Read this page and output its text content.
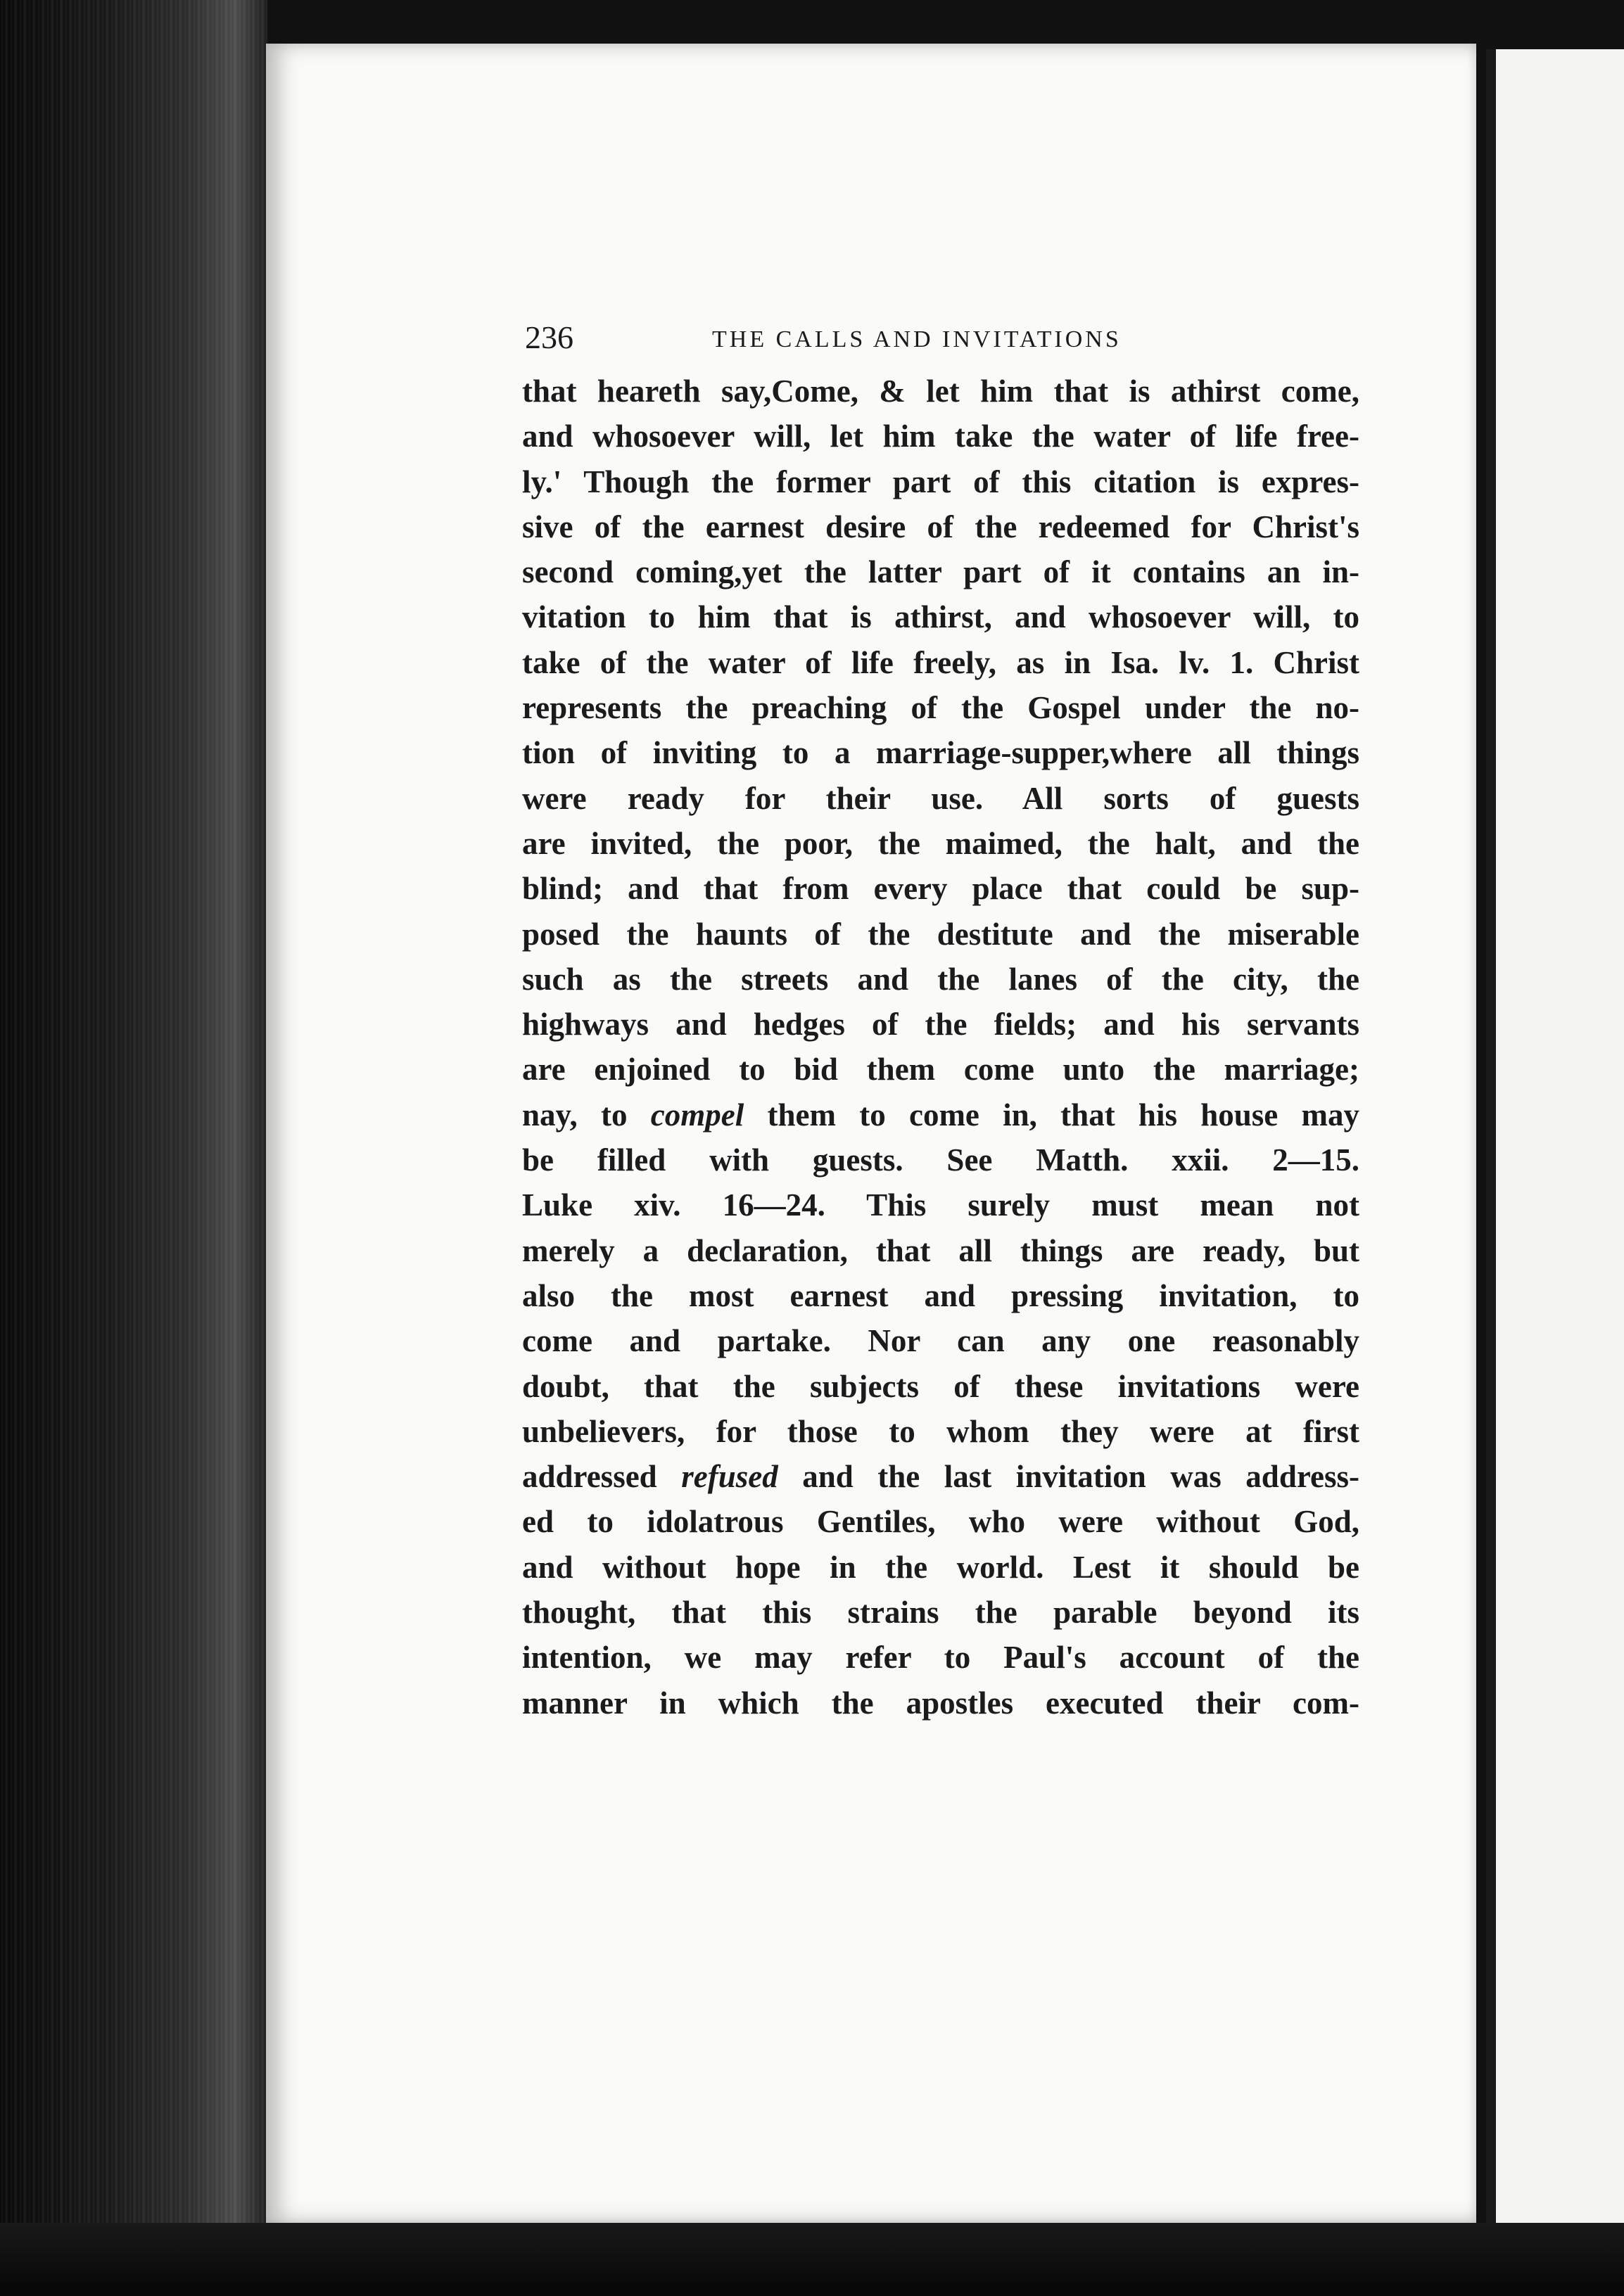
236	THE CALLS AND INVITATIONS
that heareth say,Come, & let him that is athirst come,
and whosoever will, let him take the water of life free-
ly.' Though the former part of this citation is expres-
sive of the earnest desire of the redeemed for Christ's
second coming,yet the latter part of it contains an in-
vitation to him that is athirst, and whosoever will, to
take of the water of life freely, as in Isa. lv. 1. Christ
represents the preaching of the Gospel under the no-
tion of inviting to a marriage-supper,where all things
were ready for their use. All sorts of guests
are invited, the poor, the maimed, the halt, and the
blind; and that from every place that could be sup-
posed the haunts of the destitute and the miserable
such as the streets and the lanes of the city, the
highways and hedges of the fields; and his servants
are enjoined to bid them come unto the marriage;
nay, to compel them to come in, that his house may
be filled with guests. See Matth. xxii. 2—15.
Luke xiv. 16—24. This surely must mean not
merely a declaration, that all things are ready, but
also the most earnest and pressing invitation, to
come and partake. Nor can any one reasonably
doubt, that the subjects of these invitations were
unbelievers, for those to whom they were at first
addressed refused and the last invitation was address-
ed to idolatrous Gentiles, who were without God,
and without hope in the world. Lest it should be
thought, that this strains the parable beyond its
intention, we may refer to Paul's account of the
manner in which the apostles executed their com-
